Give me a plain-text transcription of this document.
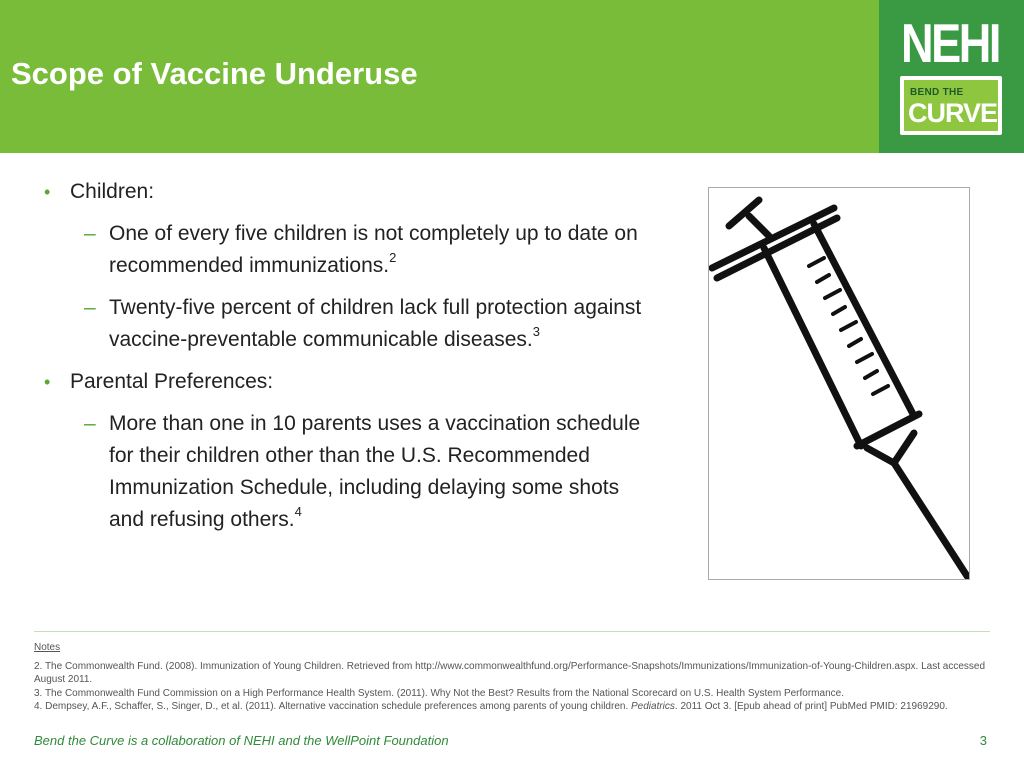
Scope of Vaccine Underuse	NEHI
BEND THE
CURVE
• Children:
– One of every five children is not completely up to date on recommended immunizations.$^2$
– Twenty-five percent of children lack full protection against vaccine-preventable communicable diseases.$^3$
• Parental Preferences:
– More than one in 10 parents uses a vaccination schedule for their children other than the U.S. Recommended Immunization Schedule, including delaying some shots and refusing others.$^4$
Notes
2. The Commonwealth Fund. (2008). Immunization of Young Children. Retrieved from http://www.commonwealthfund.org/Performance-Snapshots/Immunizations/Immunization-of-Young-Children.aspx. Last accessed August 2011.
3. The Commonwealth Fund Commission on a High Performance Health System. (2011). Why Not the Best? Results from the National Scorecard on U.S. Health System Performance.
4. Dempsey, A.F., Schaffer, S., Singer, D., et al. (2011). Alternative vaccination schedule preferences among parents of young children. Pediatrics. 2011 Oct 3. [Epub ahead of print] PubMed PMID: 21969290.
Bend the Curve is a collaboration of NEHI and the WellPoint Foundation	3
